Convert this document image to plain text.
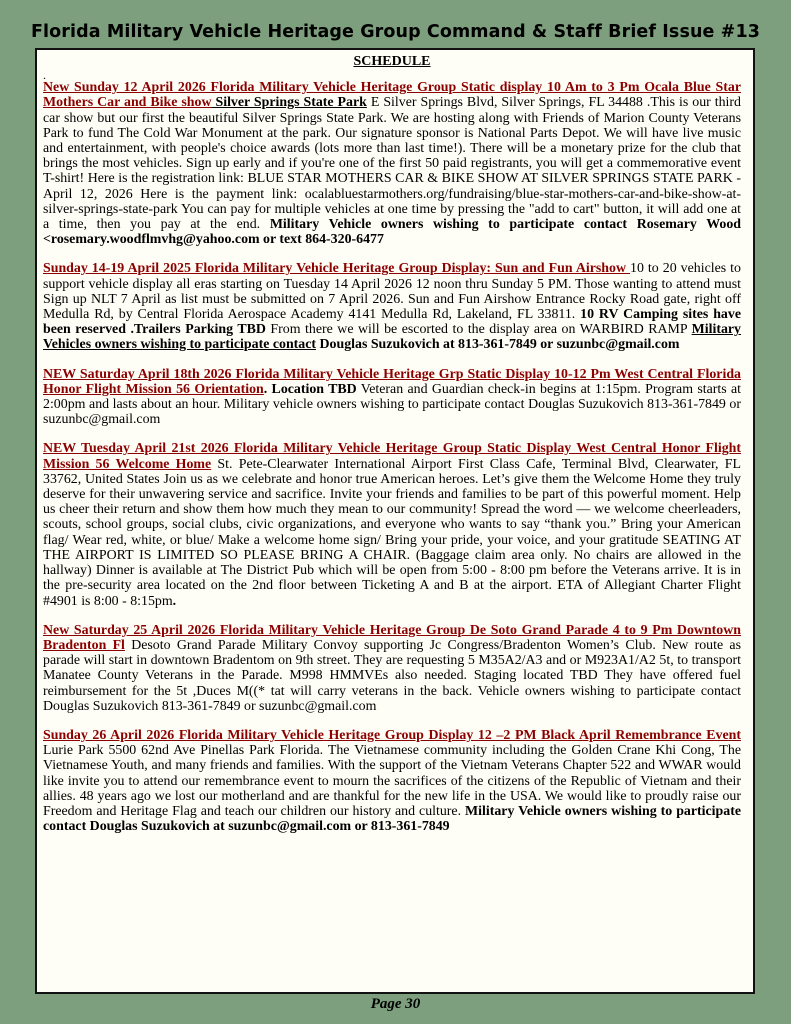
Florida Military Vehicle Heritage Group Command & Staff Brief Issue #13
SCHEDULE
.

New Sunday 12 April 2026 Florida Military Vehicle Heritage Group Static display 10 Am to 3 Pm Ocala Blue Star Mothers Car and Bike show Silver Springs State Park E Silver Springs Blvd, Silver Springs, FL 34488 .This is our third car show but our first the beautiful Silver Springs State Park. We are hosting along with Friends of Marion County Veterans Park to fund The Cold War Monument at the park. Our signature sponsor is National Parts Depot. We will have live music and entertainment, with people's choice awards (lots more than last time!). There will be a monetary prize for the club that brings the most vehicles. Sign up early and if you're one of the first 50 paid registrants, you will get a commemorative event T-shirt! Here is the registration link: BLUE STAR MOTHERS CAR & BIKE SHOW AT SILVER SPRINGS STATE PARK - April 12, 2026 Here is the payment link: ocalabluestarmothers.org/fundraising/blue-star-mothers-car-and-bike-show-at-silver-springs-state-park You can pay for multiple vehicles at one time by pressing the "add to cart" button, it will add one at a time, then you pay at the end. Military Vehicle owners wishing to participate contact Rosemary Wood <rosemary.woodflmvhg@yahoo.com or text 864-320-6477

Sunday 14-19 April 2025 Florida Military Vehicle Heritage Group Display: Sun and Fun Airshow 10 to 20 vehicles to support vehicle display all eras starting on Tuesday 14 April 2026 12 noon thru Sunday 5 PM. Those wanting to attend must Sign up NLT 7 April as list must be submitted on 7 April 2026. Sun and Fun Airshow Entrance Rocky Road gate, right off Medulla Rd, by Central Florida Aerospace Academy 4141 Medulla Rd, Lakeland, FL 33811. 10 RV Camping sites have been reserved .Trailers Parking TBD From there we will be escorted to the display area on WARBIRD RAMP Military Vehicles owners wishing to participate contact Douglas Suzukovich at 813-361-7849 or suzunbc@gmail.com

NEW Saturday April 18th 2026 Florida Military Vehicle Heritage Grp Static Display 10-12 Pm West Central Florida Honor Flight Mission 56 Orientation. Location TBD Veteran and Guardian check-in begins at 1:15pm. Program starts at 2:00pm and lasts about an hour. Military vehicle owners wishing to participate contact Douglas Suzukovich 813-361-7849 or suzunbc@gmail.com

NEW Tuesday April 21st 2026 Florida Military Vehicle Heritage Group Static Display West Central Honor Flight Mission 56 Welcome Home St. Pete-Clearwater International Airport First Class Cafe, Terminal Blvd, Clearwater, FL 33762, United States Join us as we celebrate and honor true American heroes. Let’s give them the Welcome Home they truly deserve for their unwavering service and sacrifice. Invite your friends and families to be part of this powerful moment. Help us cheer their return and show them how much they mean to our community! Spread the word — we welcome cheerleaders, scouts, school groups, social clubs, civic organizations, and everyone who wants to say “thank you.” Bring your American flag/ Wear red, white, or blue/ Make a welcome home sign/ Bring your pride, your voice, and your gratitude SEATING AT THE AIRPORT IS LIMITED SO PLEASE BRING A CHAIR. (Baggage claim area only. No chairs are allowed in the hallway) Dinner is available at The District Pub which will be open from 5:00 - 8:00 pm before the Veterans arrive. It is in the pre-security area located on the 2nd floor between Ticketing A and B at the airport. ETA of Allegiant Charter Flight #4901 is 8:00 - 8:15pm.

New Saturday 25 April 2026 Florida Military Vehicle Heritage Group De Soto Grand Parade 4 to 9 Pm Downtown Bradenton Fl Desoto Grand Parade Military Convoy supporting Jc Congress/Bradenton Women’s Club. New route as parade will start in downtown Bradentom on 9th street. They are requesting 5 M35A2/A3 and or M923A1/A2 5t, to transport Manatee County Veterans in the Parade. M998 HMMVEs also needed. Staging located TBD They have offered fuel reimbursement for the 5t ,Duces M((* tat will carry veterans in the back. Vehicle owners wishing to participate contact Douglas Suzukovich 813-361-7849 or suzunbc@gmail.com

Sunday 26 April 2026 Florida Military Vehicle Heritage Group Display 12 –2 PM Black April Remembrance Event Lurie Park 5500 62nd Ave Pinellas Park Florida. The Vietnamese community including the Golden Crane Khi Cong, The Vietnamese Youth, and many friends and families. With the support of the Vietnam Veterans Chapter 522 and WWAR would like invite you to attend our remembrance event to mourn the sacrifices of the citizens of the Republic of Vietnam and their allies. 48 years ago we lost our motherland and are thankful for the new life in the USA. We would like to proudly raise our Freedom and Heritage Flag and teach our children our history and culture. Military Vehicle owners wishing to participate contact Douglas Suzukovich at suzunbc@gmail.com or 813-361-7849

Page 30
